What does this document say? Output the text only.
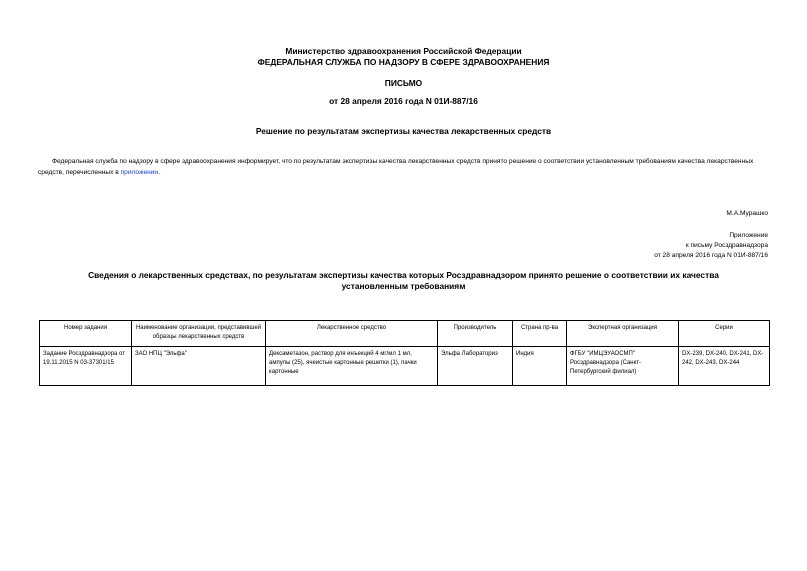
Министерство здравоохранения Российской Федерации
ФЕДЕРАЛЬНАЯ СЛУЖБА ПО НАДЗОРУ В СФЕРЕ ЗДРАВООХРАНЕНИЯ
ПИСЬМО
от 28 апреля 2016 года N 01И-887/16
Решение по результатам экспертизы качества лекарственных средств
Федеральная служба по надзору в сфере здравоохранения информирует, что по результатам экспертизы качества лекарственных средств принято решение о соответствии установленным требованиям качества лекарственных средств, перечисленных в приложении.
М.А.Мурашко
Приложение
к письму Росздравнадзора
от 28 апреля 2016 года N 01И-887/16
Сведения о лекарственных средствах, по результатам экспертизы качества которых Росздравнадзором принято решение о соответствии их качества установленным требованиям
Номер задания	Наименование организации, представившей образцы лекарственных средств	Лекарственное средство	Производитель	Страна пр-ва	Экспертная организация	Серии
Задание Росздравнадзора от 19.11.2015 N 03-37301/15	ЗАО НПЦ "Эльфа"	Дексаметазон, раствор для инъекций 4 мг/мл 1 мл, ампулы (25), ячеистые картонные решетки (1), пачки картонные	Эльфа Лабораториз	Индия	ФГБУ "ИМЦЭУАОСМП" Росздравнадзора (Санкт-Петербургский филиал)	DX-239, DX-240, DX-241, DX-242, DX-243, DX-244
